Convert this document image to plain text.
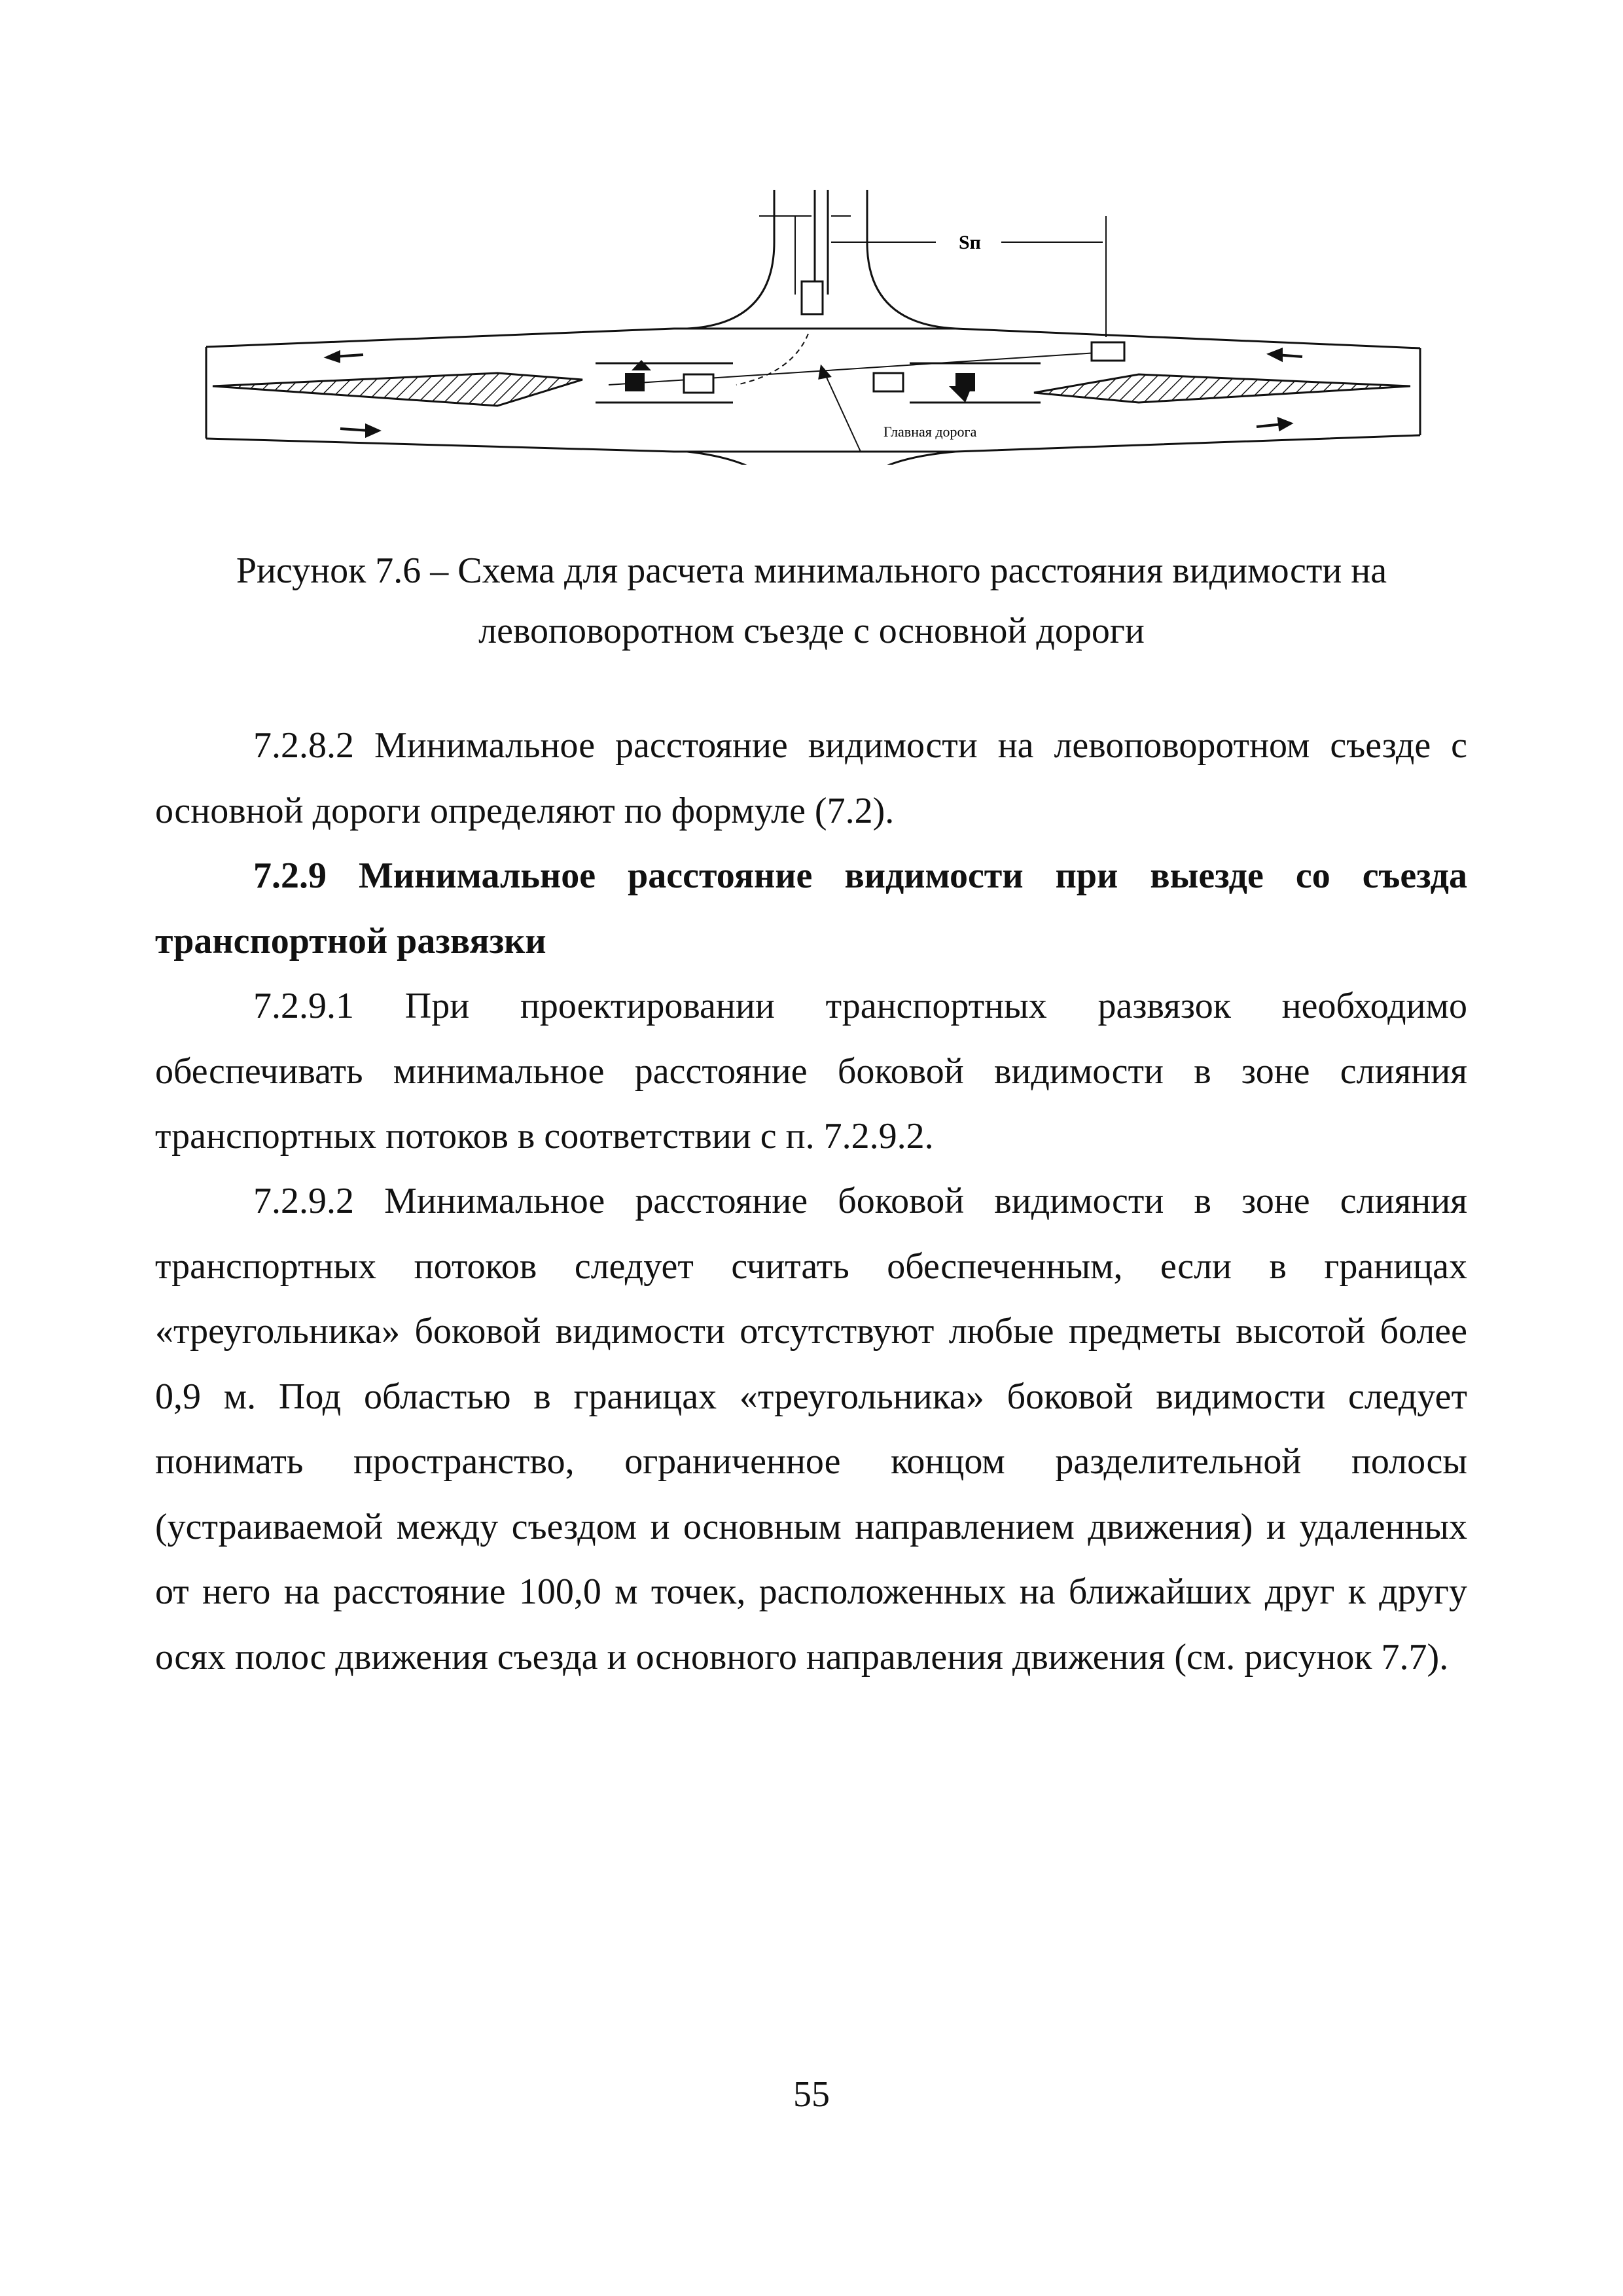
Sп
Главная дорога
Рисунок 7.6 – Схема для расчета минимального расстояния видимости на
левоповоротном съезде с основной дороги

7.2.8.2 Минимальное расстояние видимости на левоповоротном съезде с основной дороги определяют по формуле (7.2).

7.2.9 Минимальное расстояние видимости при выезде со съезда транспортной развязки

7.2.9.1 При проектировании транспортных развязок необходимо обеспечивать минимальное расстояние боковой видимости в зоне слияния транспортных потоков в соответствии с п. 7.2.9.2.

7.2.9.2 Минимальное расстояние боковой видимости в зоне слияния транспортных потоков следует считать обеспеченным, если в границах «треугольника» боковой видимости отсутствуют любые предметы высотой более 0,9 м. Под областью в границах «треугольника» боковой видимости следует понимать пространство, ограниченное концом разделительной полосы (устраиваемой между съездом и основным направлением движения) и удаленных от него на расстояние 100,0 м точек, расположенных на ближайших друг к другу осях полос движения съезда и основного направления движения (см. рисунок 7.7).

55
